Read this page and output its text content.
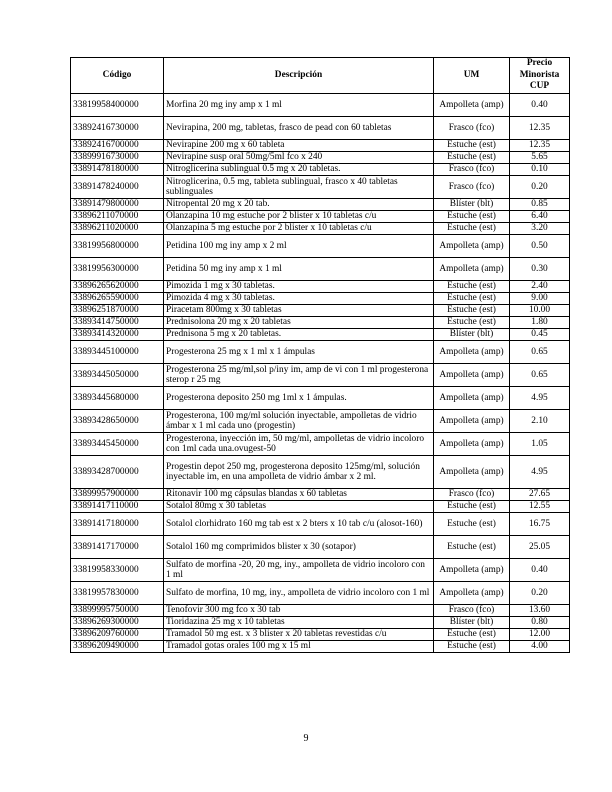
Código	Descripción	UM	Precio
Minorista
CUP

33819958400000	Morfina 20 mg iny amp x 1 ml	Ampolleta (amp)	0.40
33892416730000	Nevirapina, 200 mg, tabletas, frasco de pead con 60 tabletas	Frasco (fco)	12.35
33892416700000	Nevirapine 200 mg x 60 tableta	Estuche (est)	12.35
33899916730000	Nevirapine susp oral 50mg/5ml fco x 240	Estuche (est)	5.65
33891478180000	Nitroglicerina sublingual 0.5 mg x 20 tabletas.	Frasco (fco)	0.10
33891478240000	Nitroglicerina, 0.5 mg, tableta sublingual, frasco x 40 tabletas sublinguales	Frasco (fco)	0.20
33891479800000	Nitropental 20 mg x 20 tab.	Blíster (blt)	0.85
33896211070000	Olanzapina 10 mg estuche por 2 blister x 10 tabletas c/u	Estuche (est)	6.40
33896211020000	Olanzapina 5 mg estuche por 2 blister x 10 tabletas c/u	Estuche (est)	3.20
33819956800000	Petidina 100 mg iny amp x 2 ml	Ampolleta (amp)	0.50
33819956300000	Petidina 50 mg iny amp x 1 ml	Ampolleta (amp)	0.30
33896265620000	Pimozida 1 mg x 30 tabletas.	Estuche (est)	2.40
33896265590000	Pimozida 4 mg x 30 tabletas.	Estuche (est)	9.00
33896251870000	Piracetam 800mg x 30 tabletas	Estuche (est)	10.00
33893414750000	Prednisolona 20 mg x 20 tabletas	Estuche (est)	1.80
33893414320000	Prednisona 5 mg x 20 tabletas.	Blíster (blt)	0.45
33893445100000	Progesterona 25 mg x 1 ml x 1 ámpulas	Ampolleta (amp)	0.65
33893445050000	Progesterona 25 mg/ml,sol p/iny im, amp de vi con 1 ml progesterona sterop r 25 mg	Ampolleta (amp)	0.65
33893445680000	Progesterona deposito 250 mg 1ml x 1 ámpulas.	Ampolleta (amp)	4.95
33893428650000	Progesterona, 100 mg/ml solución inyectable, ampolletas de vidrio ámbar x 1 ml cada uno (progestin)	Ampolleta (amp)	2.10
33893445450000	Progesterona, inyección im, 50 mg/ml, ampolletas de vidrio incoloro con 1ml cada una.ovugest-50	Ampolleta (amp)	1.05
33893428700000	Progestin depot 250 mg, progesterona deposito 125mg/ml, solución inyectable im, en una ampolleta de vidrio ámbar x 2 ml.	Ampolleta (amp)	4.95
33899957900000	Ritonavir 100 mg cápsulas blandas x 60 tabletas	Frasco (fco)	27.65
33891417110000	Sotalol 80mg x 30 tabletas	Estuche (est)	12.55
33891417180000	Sotalol clorhidrato 160 mg tab est x 2 bters x 10 tab c/u (alosot-160)	Estuche (est)	16.75
33891417170000	Sotalol 160 mg comprimidos blister x 30 (sotapor)	Estuche (est)	25.05
33819958330000	Sulfato de morfina -20, 20 mg, iny., ampolleta de vidrio incoloro con 1 ml	Ampolleta (amp)	0.40
33819957830000	Sulfato de morfina, 10 mg, iny., ampolleta de vidrio incoloro con 1 ml	Ampolleta (amp)	0.20
33899995750000	Tenofovir 300 mg fco x 30 tab	Frasco (fco)	13.60
33896269300000	Tioridazina 25 mg x 10 tabletas	Blíster (blt)	0.80
33896209760000	Tramadol 50 mg est. x 3 blister x 20 tabletas revestidas c/u	Estuche (est)	12.00
33896209490000	Tramadol gotas orales 100 mg x 15 ml	Estuche (est)	4.00
9
